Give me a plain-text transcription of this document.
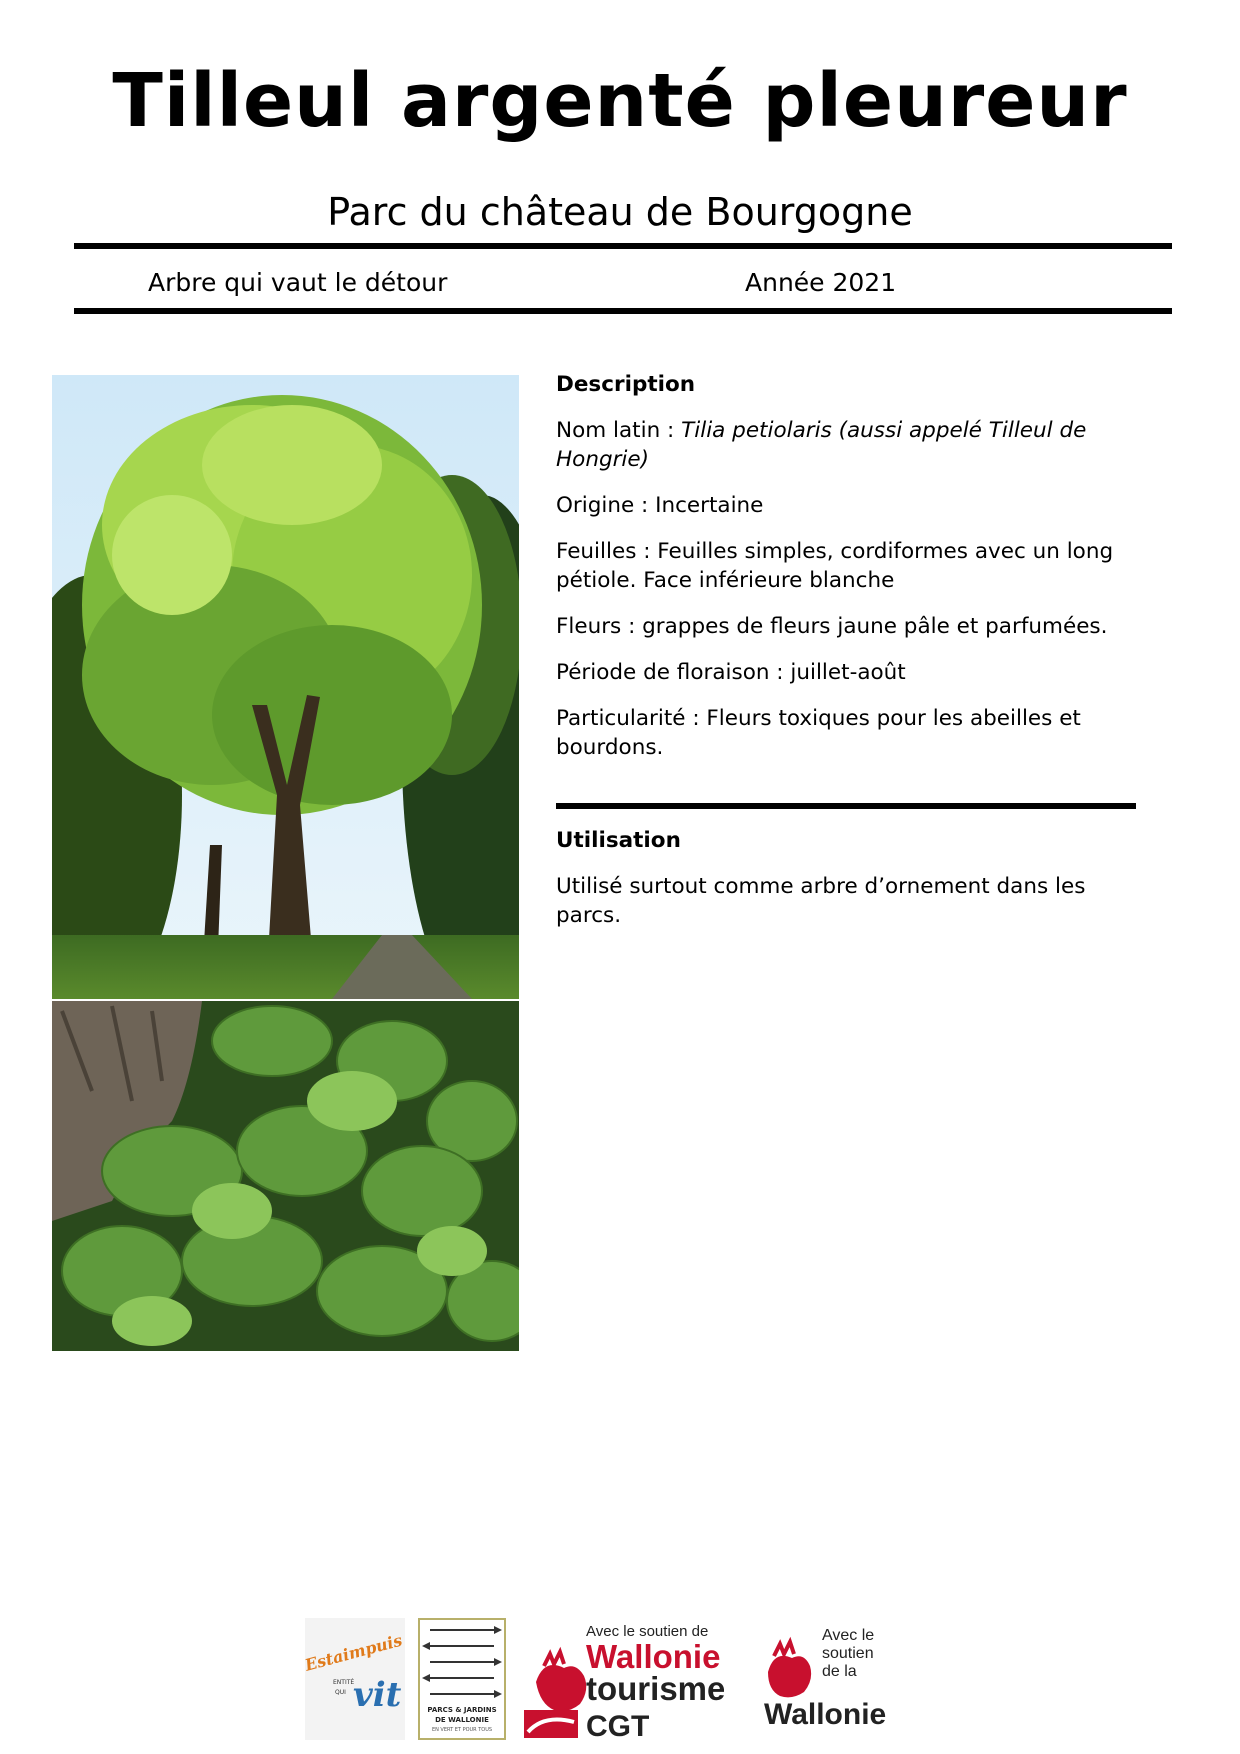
Tilleul argenté pleureur
Parc du château de Bourgogne
Arbre qui vaut le détour	Année 2021
Description

Nom latin : Tilia petiolaris (aussi appelé Tilleul de Hongrie)

Origine : Incertaine

Feuilles : Feuilles simples, cordiformes avec un long pétiole. Face inférieure blanche

Fleurs : grappes de fleurs jaune pâle et parfumées.

Période de floraison : juillet-août

Particularité : Fleurs toxiques pour les abeilles et bourdons.

Utilisation

Utilisé surtout comme arbre d’ornement dans les parcs.

Estaimpuis
ENTITÉ
QUI vit	PARCS & JARDINS
DE WALLONIE
EN VERT ET POUR TOUS
Avec le soutien de
Wallonie
tourisme
CGT
Avec le
soutien
de la
Wallonie
